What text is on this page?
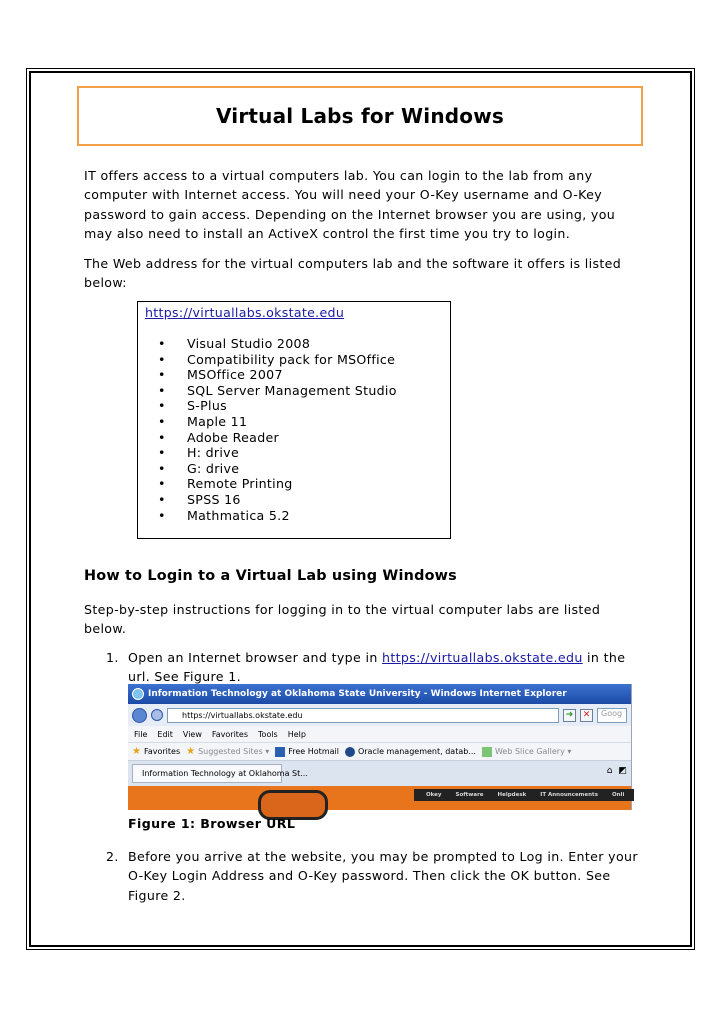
Virtual Labs for Windows

IT offers access to a virtual computers lab. You can login to the lab from any computer with Internet access. You will need your O-Key username and O-Key password to gain access. Depending on the Internet browser you are using, you may also need to install an ActiveX control the first time you try to login.

The Web address for the virtual computers lab and the software it offers is listed below:

https://virtuallabs.okstate.edu
• Visual Studio 2008
• Compatibility pack for MSOffice
• MSOffice 2007
• SQL Server Management Studio
• S-Plus
• Maple 11
• Adobe Reader
• H: drive
• G: drive
• Remote Printing
• SPSS 16
• Mathmatica 5.2
How to Login to a Virtual Lab using Windows

Step-by-step instructions for logging in to the virtual computer labs are listed below.

1. Open an Internet browser and type in https://virtuallabs.okstate.edu in the url. See Figure 1.
Information Technology at Oklahoma State University - Windows Internet Explorer
https://virtuallabs.okstate.edu	➜	✕	Goog
File Edit View Favorites Tools Help
★ Favorites ★ Suggested Sites ▾ Free Hotmail Oracle management, datab... Web Slice Gallery ▾
Information Technology at Oklahoma St...	⌂ ◩
Okey	Software	Helpdesk	IT Announcements	Onli

Figure 1: Browser URL

2. Before you arrive at the website, you may be prompted to Log in. Enter your O-Key Login Address and O-Key password. Then click the OK button. See Figure 2.
